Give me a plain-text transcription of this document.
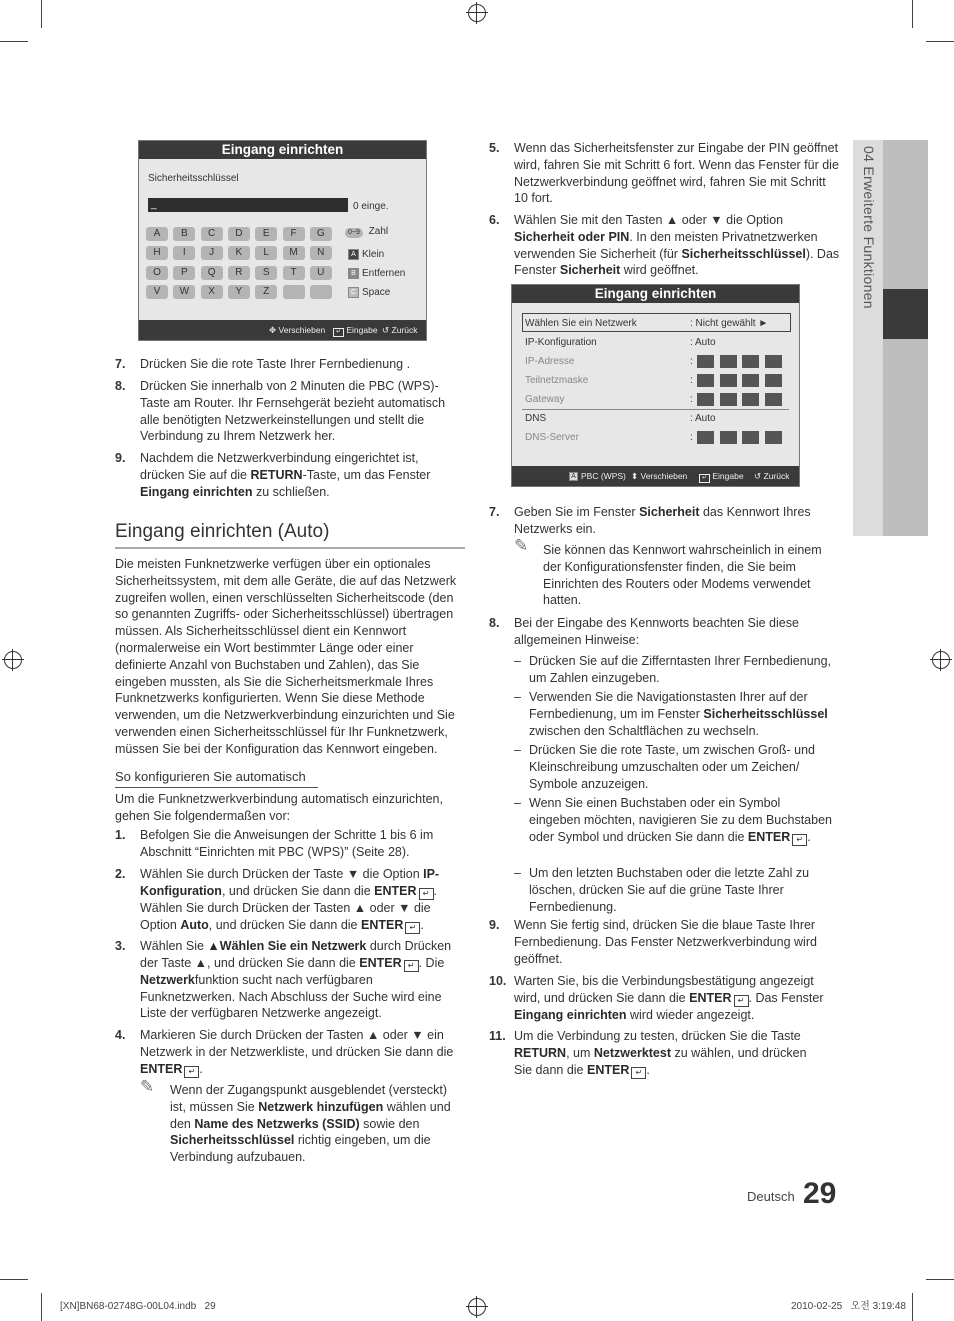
04 Erweiterte Funktionen
Eingang einrichten
Sicherheitsschlüssel
_	0 einge.
A	B	C	D	E	F	G
H	I	J	K	L	M	N
O	P	Q	R	S	T	U
V	W	X	Y	Z
0~9 Zahl
A Klein
B Entfernen
C Space
✥ Verschieben	↵ Eingabe ↺ Zurück
7. Drücken Sie die rote Taste Ihrer Fernbedienung .
8. Drücken Sie innerhalb von 2 Minuten die PBC (WPS)-Taste am Router. Ihr Fernsehgerät bezieht automatisch alle benötigten Netzwerkeinstellungen und stellt die Verbindung zu Ihrem Netzwerk her.
9. Nachdem die Netzwerkverbindung eingerichtet ist, drücken Sie auf die RETURN-Taste, um das Fenster Eingang einrichten zu schließen.
Eingang einrichten (Auto)
Die meisten Funknetzwerke verfügen über ein optionales Sicherheitssystem, mit dem alle Geräte, die auf das Netzwerk zugreifen wollen, einen verschlüsselten Sicherheitscode (den so genannten Zugriffs- oder Sicherheitsschlüssel) übertragen müssen. Als Sicherheitsschlüssel dient ein Kennwort (normalerweise ein Wort bestimmter Länge oder einer definierte Anzahl von Buchstaben und Zahlen), das Sie eingeben mussten, als Sie die Sicherheitsmerkmale Ihres Funknetzwerks konfigurierten. Wenn Sie diese Methode verwenden, um die Netzwerkverbindung einzurichten und Sie verwenden einen Sicherheitsschlüssel für Ihr Funknetzwerk, müssen Sie bei der Konfiguration das Kennwort eingeben.
So konfigurieren Sie automatisch
Um die Funknetzwerkverbindung automatisch einzurichten, gehen Sie folgendermaßen vor:
1. Befolgen Sie die Anweisungen der Schritte 1 bis 6 im Abschnitt “Einrichten mit PBC (WPS)” (Seite 28).
2. Wählen Sie durch Drücken der Taste ▼ die Option IP-Konfiguration, und drücken Sie dann die ENTER ↵ . Wählen Sie durch Drücken der Tasten ▲ oder ▼ die Option Auto, und drücken Sie dann die ENTER ↵ .
3. Wählen Sie ▲Wählen Sie ein Netzwerk durch Drücken der Taste ▲, und drücken Sie dann die ENTER ↵ . Die Netzwerkfunktion sucht nach verfügbaren Funknetzwerken. Nach Abschluss der Suche wird eine Liste der verfügbaren Netzwerke angezeigt.
4. Markieren Sie durch Drücken der Tasten ▲ oder ▼ ein Netzwerk in der Netzwerkliste, und drücken Sie dann die ENTER ↵ .
✎ Wenn der Zugangspunkt ausgeblendet (versteckt) ist, müssen Sie Netzwerk hinzufügen wählen und den Name des Netzwerks (SSID) sowie den Sicherheitsschlüssel richtig eingeben, um die Verbindung aufzubauen.
5. Wenn das Sicherheitsfenster zur Eingabe der PIN geöffnet wird, fahren Sie mit Schritt 6 fort. Wenn das Fenster für die Netzwerkverbindung geöffnet wird, fahren Sie mit Schritt 10 fort.
6. Wählen Sie mit den Tasten ▲ oder ▼ die Option Sicherheit oder PIN. In den meisten Privatnetzwerken verwenden Sie Sicherheit (für Sicherheitsschlüssel). Das Fenster Sicherheit wird geöffnet.
Eingang einrichten
Wählen Sie ein Netzwerk	: Nicht gewählt ►
IP-Konfiguration	: Auto
IP-Adresse	:
Teilnetzmaske	:
Gateway	:
DNS	: Auto
DNS-Server	:
A PBC (WPS) ⬍ Verschieben	↵ Eingabe ↺ Zurück
7. Geben Sie im Fenster Sicherheit das Kennwort Ihres Netzwerks ein.
✎ Sie können das Kennwort wahrscheinlich in einem der Konfigurationsfenster finden, die Sie beim Einrichten des Routers oder Modems verwendet hatten.
8. Bei der Eingabe des Kennworts beachten Sie diese allgemeinen Hinweise:
– Drücken Sie auf die Zifferntasten Ihrer Fernbedienung, um Zahlen einzugeben.
– Verwenden Sie die Navigationstasten Ihrer auf der Fernbedienung, um im Fenster Sicherheitsschlüssel zwischen den Schaltflächen zu wechseln.
– Drücken Sie die rote Taste, um zwischen Groß- und Kleinschreibung umzuschalten oder um Zeichen/ Symbole anzuzeigen.
– Wenn Sie einen Buchstaben oder ein Symbol eingeben möchten, navigieren Sie zu dem Buchstaben oder Symbol und drücken Sie dann die ENTER ↵ .
– Um den letzten Buchstaben oder die letzte Zahl zu löschen, drücken Sie auf die grüne Taste Ihrer Fernbedienung.
9. Wenn Sie fertig sind, drücken Sie die blaue Taste Ihrer Fernbedienung. Das Fenster Netzwerkverbindung wird geöffnet.
10. Warten Sie, bis die Verbindungsbestätigung angezeigt wird, und drücken Sie dann die ENTER ↵ . Das Fenster Eingang einrichten wird wieder angezeigt.
11. Um die Verbindung zu testen, drücken Sie die Taste RETURN, um Netzwerktest zu wählen, und drücken Sie dann die ENTER ↵ .
Deutsch 29
[XN]BN68-02748G-00L04.indb   29	2010-02-25   오전 3:19:48
